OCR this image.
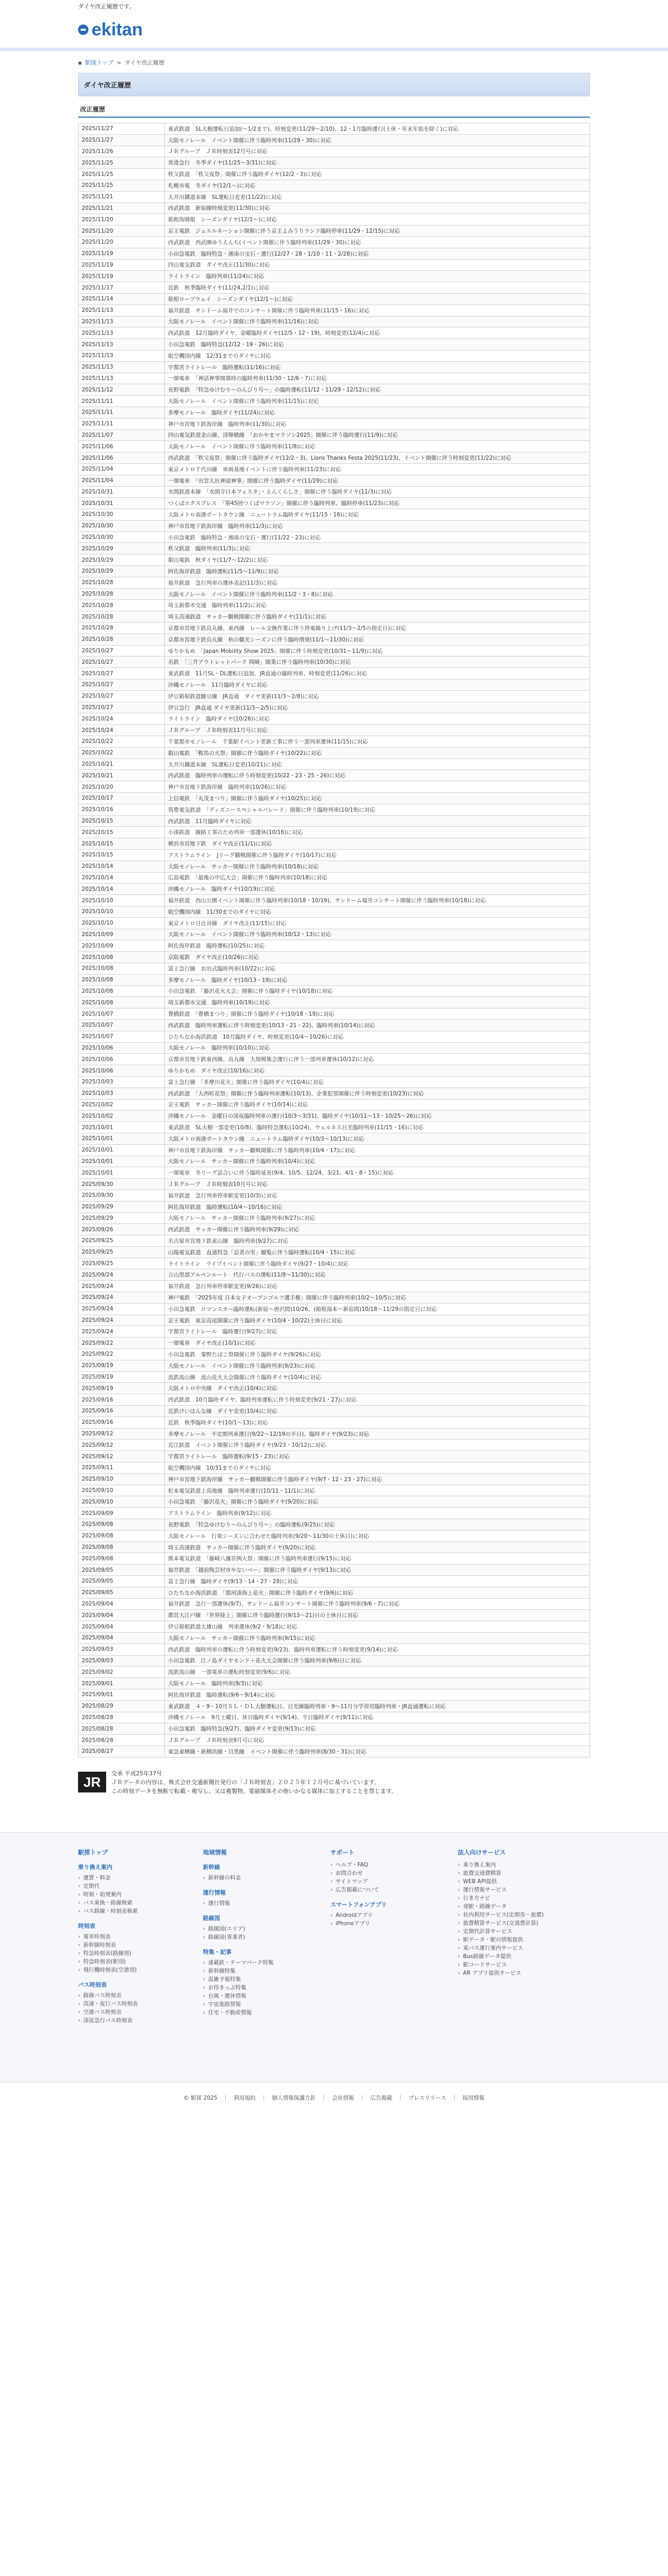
ダイヤ改正履歴です。
ekitan
▪ 駅探トップ > ダイヤ改正履歴
ダイヤ改正履歴
改正履歴
2025/11/27	東武鉄道　SL大樹運転日追加(～1/2まで)、時刻変更(11/29～2/10)、12・1月臨時運行(土休・年末年始を除く)に対応
2025/11/27	大阪モノレール　イベント開催に伴う臨時列車(11/29・30)に対応
2025/11/26	ＪＲグループ　ＪＲ時刻表12月号に対応
2025/11/25	常滑急行　冬季ダイヤ(11/25～3/31)に対応
2025/11/25	秩父鉄道　「秩父夜祭」開催に伴う臨時ダイヤ(12/2・3)に対応
2025/11/25	札幌市電　冬ダイヤ(12/1～)に対応
2025/11/21	大井川鐵道本線　SL運転日変更(11/22)に対応
2025/11/21	西武鉄道　新宿線時刻変更(11/30)に対応
2025/11/20	箱根海賊船　シーズンダイヤ(12/1～)に対応
2025/11/20	京王電鉄　ジェエルネーション開催に伴う京王よみうりランド臨時停車(11/29・12/15)に対応
2025/11/20	西武鉄道　西武園ゆうえんち(イベント開催に伴う臨時列車(11/29・30)に対応
2025/11/19	小田急電鉄　臨時特急・湘南の宝石・運行(12/27・28・1/10・11・2/28)に対応
2025/11/19	四山電気鉄道　ダイヤ改正(11/30)に対応
2025/11/19	ライトライン　臨時列車(11/24)に対応
2025/11/17	近鉄　秋季臨時ダイヤ(11/24,2/1)に対応
2025/11/14	箱根ロープウェイ　シーズンダイヤ(12/1～)に対応
2025/11/13	福井鉄道　サンドーム福井でのコンサート開催に伴う臨時列車(11/15・16)に対応
2025/11/13	大阪モノレール　イベント開催に伴う臨時列車(11/16)に対応
2025/11/13	西武鉄道　12月臨時ダイヤ、金曜臨時ダイヤ(12/5・12・19)、時刻変更(12/4)に対応
2025/11/13	小田急電鉄　臨時特急(12/12・19・26)に対応
2025/11/13	航空機国内線　12/31までのダイヤに対応
2025/11/13	宇都宮ライトレール　臨時運転(11/16)に対応
2025/11/13	一畑電車　「神話神事開幕時の臨時列車(11/30・12/6・7)に対応
2025/11/12	長野電鉄　「特急ゆけむり～のんびり号～」の臨時運転(11/12・11/29・12/12)に対応
2025/11/11	大阪モノレール　イベント開催に伴う臨時列車(11/15)に対応
2025/11/11	多摩モノレール　臨時ダイヤ(11/24)に対応
2025/11/11	神戸市営地下鉄海岸線　臨時列車(11/30)に対応
2025/11/07	四山電気鉄道金山線、清輝橋線　「おかやまマラソン2025」開催に伴う臨時運行(11/9)に対応
2025/11/06	大阪モノレール　イベント開催に伴う臨時列車(11/8)に対応
2025/11/06	西武鉄道　「秩父夜祭」開催に伴う臨時ダイヤ(12/2・3)、Lions Thanks Festa 2025(11/23)、イベント開催に伴う時刻変更(11/22)に対応
2025/11/04	東京メトロ千代田線　車両基地イベントに伴う臨時列車(11/23)に対応
2025/11/04	一畑電車　「出雲大社神迎神事」開催に伴う臨時ダイヤ(11/29)に対応
2025/10/31	水間鉄道本線　「水間寺日本フェスタ」・えんくらしさ」開催に伴う臨時ダイヤ(11/3)に対応
2025/10/31	つくばエクスプレス　「第45回つくばマラソン」開催に伴う臨時列車、臨時停車(11/23)に対応
2025/10/30	大阪メトロ南港ポートタウン線　ニュートラム臨時ダイヤ(11/15・16)に対応
2025/10/30	神戸市営地下鉄海岸線　臨時列車(11/3)に対応
2025/10/30	小田急電鉄　臨時特急・湘南の宝石・運行(11/22・23)に対応
2025/10/29	秩父鉄道　臨時列車(11/3)に対応
2025/10/29	叡山電鉄　秋ダイヤ(11/7～12/2)に対応
2025/10/29	阿佐海岸鉄道　臨時運転(11/5～11/9)に対応
2025/10/28	福井鉄道　急行列車の運休表記(11/3)に対応
2025/10/28	大阪モノレール　イベント開催に伴う臨時列車(11/2・3・8)に対応
2025/10/28	埼玉新都市交通　臨時列車(11/2)に対応
2025/10/28	埼玉高速鉄道　サッカー観戦開催に伴う臨時ダイヤ(11/1)に対応
2025/10/28	京都市営地下鉄烏丸線、東西線　レール交換作業に伴う終電繰り上げ(11/3～2/5の指定日)に対応
2025/10/28	京都市営地下鉄烏丸線　秋の観光シーズンに伴う臨時増発(11/1～11/30)に対応
2025/10/27	ゆりかもめ　「Japan Mobility Show 2025」開催に伴う時刻変更(10/31～11/9)に対応
2025/10/27	名鉄　「三井アウトレットパーク 岡崎」開業に伴う臨時列車(10/30)に対応
2025/10/27	東武鉄道　11月SL・DL運転日追加、JR直通の臨時列車、時刻変更(11/26)に対応
2025/10/27	沖縄モノレール　11月臨時ダイヤに対応
2025/10/27	伊豆箱根鉄道駿豆線　JR直通　ダイヤ更新(11/3～2/8)に対応
2025/10/27	伊豆急行　JR直通 ダイヤ更新(11/3～2/5)に対応
2025/10/24	ライトライン　臨時ダイヤ(10/26)に対応
2025/10/24	ＪＲグループ　ＪＲ時刻表11月号に対応
2025/10/22	千葉都市モノレール　千葉駅イベント更新工事に伴う一部列車運休(11/15)に対応
2025/10/22	叡山電鉄　「鞍馬の火祭」開催に伴う臨時ダイヤ(10/22)に対応
2025/10/21	大井川鐵道本線　SL運転日変更(10/21)に対応
2025/10/21	西武鉄道　臨時列車の運転に伴う時刻変更(10/22・23・25・26)に対応
2025/10/20	神戸市営地下鉄海岸線　臨時列車(10/26)に対応
2025/10/17	上信電鉄　「丸茂まつり」開催に伴う臨時ダイヤ(10/25)に対応
2025/10/16	筑豊電気鉄道　「ディズニースペシャルパレード」開催に伴う臨時列車(10/19)に対応
2025/10/15	西武鉄道　11月臨時ダイヤに対応
2025/10/15	小湊鉄道　線路工事のため列車一部運休(10/16)に対応
2025/10/15	横浜市営地下鉄　ダイヤ改正(11/1)に対応
2025/10/15	アストラムライン　Jリーグ観戦開催に伴う臨時ダイヤ(10/17)に対応
2025/10/14	大阪モノレール　サッカー開催に伴う臨時列車(10/18)に対応
2025/10/14	広島電鉄　「最後の中広大会」開催に伴う臨時列車(10/18)に対応
2025/10/14	沖縄モノレール　臨時ダイヤ(10/19)に対応
2025/10/10	福井鉄道　西山公園イベント開催に伴う臨時列車(10/18・10/19)、サンドーム福井コンサート開催に伴う臨時列車(10/18)に対応
2025/10/10	航空機国内線　11/30までのダイヤに対応
2025/10/10	東京メトロ日比谷線　ダイヤ改正(11/15)に対応
2025/10/09	大阪モノレール　イベント開催に伴う臨時列車(10/12・13)に対応
2025/10/09	阿佐海岸鉄道　臨時運転(10/25)に対応
2025/10/08	京阪電鉄　ダイヤ改正(10/26)に対応
2025/10/08	富士急行線　お出式臨時列車(10/22)に対応
2025/10/08	多摩モノレール　臨時ダイヤ(10/13・19)に対応
2025/10/08	小田急電鉄　「藤沢花火大会」開催に伴う臨時ダイヤ(10/18)に対応
2025/10/08	埼玉新都市交通　臨時列車(10/19)に対応
2025/10/07	豊橋鉄道　「豊橋まつり」開催に伴う臨時ダイヤ(10/18・19)に対応
2025/10/07	西武鉄道　臨時列車運転に伴う時刻変更(10/13・21・22)、臨時列車(10/14)に対応
2025/10/07	ひたちなか海浜鉄道　10月臨時ダイヤ、時刻変更(10/4～10/26)に対応
2025/10/06	大阪モノレール　臨時列車(10/10)に対応
2025/10/06	京都市営地下鉄東西線、烏丸線　大規模集会運行に伴う一部列車運休(10/12)に対応
2025/10/06	ゆりかもめ　ダイヤ改正(10/16)に対応
2025/10/03	富士急行線　「多摩川花火」開催に伴う臨時ダイヤ(10/4)に対応
2025/10/03	西武鉄道　「大西町花祭」開催に伴う臨時列車運転(10/13)、企業犯罪開催に伴う時刻変更(10/23)に対応
2025/10/02	京王電鉄　サッカー開催に伴う臨時ダイヤ(10/14)に対応
2025/10/02	沖縄モノレール　金曜日の深夜臨時列車の運行(10/3～3/31)、臨時ダイヤ(10/11～13・10/25～26)に対応
2025/10/01	東武鉄道　SL大樹一部変更(10/8)、臨時特急運転(10/24)、ウェルネス日光臨時列車(11/15・16)に対応
2025/10/01	大阪メトロ南港ポートタウン線　ニュートラム臨時ダイヤ(10/3～10/13)に対応
2025/10/01	神戸市営地下鉄海岸線　サッカー観戦開催に伴う臨時列車(10/4・17)に対応
2025/10/01	大阪モノレール　サッカー開催に伴う臨時列車(10/4)に対応
2025/10/01	一畑電車　冬リーグ話合いに伴う臨時延長(9/4、10/5、12/24、3/21、4/1・8・15)に対応
2025/09/30	ＪＲグループ　ＪＲ時刻表10月号に対応
2025/09/30	福井鉄道　急行列車停車駅変更(10/3)に対応
2025/09/29	阿佐海岸鉄道　臨時運転(10/4～10/16)に対応
2025/09/29	大阪モノレール　サッカー開催に伴う臨時列車(9/27)に対応
2025/09/26	西武鉄道　サッカー開催に伴う臨時列車(9/29)に対応
2025/09/25	名古屋市営地下鉄東山線　臨時列車(9/27)に対応
2025/09/25	山陽電気鉄道　直通特急「忍者の里」観覧に伴う臨時運転(10/4・15)に対応
2025/09/25	ライトライン　ライブイベント開催に伴う臨時ダイヤ(9/27・10/4)に対応
2025/09/24	立山黒部アルペンルート　代行バスの運転(11/8～11/30)に対応
2025/09/24	福井鉄道　急行列車停車駅変更(9/26)に対応
2025/09/24	神戸電鉄　「2025年度 日本女子オープンゴルフ選手権」開催に伴う臨時列車(10/2～10/5)に対応
2025/09/24	小田急電鉄　ロマンスカー臨時運転(新宿～唐沢間)10/26、(箱根湯本～新宿間)10/18～11/29の指定日に対応
2025/09/24	京王電鉄　東京高尾開催に伴う臨時ダイヤ(10/4・10/22)土休日に対応
2025/09/24	宇都宮ライトレール　臨時運行(9/27)に対応
2025/09/22	一畑電車　ダイヤ改正(10/1)に対応
2025/09/22	小田急電鉄　秦野たばこ祭開催に伴う臨時ダイヤ(9/26)に対応
2025/09/19	大阪モノレール　イベント開催に伴う臨時列車(9/23)に対応
2025/09/19	流鉄流山線　流山花火大会開催に伴う臨時ダイヤ(10/4)に対応
2025/09/19	大阪メトロ中央線　ダイヤ改正(10/4)に対応
2025/09/16	西武鉄道　10月臨時ダイヤ、臨時列車運転に伴う時刻変更(9/21・27)に対応
2025/09/16	近鉄けいはんな線　ダイヤ変更(10/4)に対応
2025/09/16	近鉄　秋季臨時ダイヤ(10/1～13)に対応
2025/09/12	多摩モノレール　不定期列車運行(9/22～12/19の平日)、臨時ダイヤ(9/23)に対応
2025/09/12	近江鉄道　イベント開催に伴う臨時ダイヤ(9/23・10/12)に対応
2025/09/12	宇都宮ライトレール　臨時運転(9/15・23)に対応
2025/09/11	航空機国内線　10/31までのダイヤに対応
2025/09/10	神戸市営地下鉄海岸線　サッカー観戦開催に伴う臨時ダイヤ(9/7・12・23・27)に対応
2025/09/10	松本電気鉄道上高地線　臨時列車運行(10/11・11/1)に対応
2025/09/10	小田急電鉄　「藤沢花火」開催に伴う臨時ダイヤ(9/20)に対応
2025/09/09	アストラムライン　臨時列車(9/12)に対応
2025/09/08	長野電鉄　「特急ゆけむり～のんびり号～」の臨時運転(9/25)に対応
2025/09/08	大阪モノレール　行楽シーズンに合わせた臨時列車(9/20～11/30の土休日)に対応
2025/09/08	埼玉高速鉄道　サッカー開催に伴う臨時ダイヤ(9/20)に対応
2025/09/08	熊本電気鉄道　「藤崎八旛宮例大祭」開催に伴う臨時列車運行(9/15)に対応
2025/09/05	福井鉄道　「越前陶芸村市やないベー」開催に伴う臨時ダイヤ(9/13)に対応
2025/09/05	富士急行線　臨時ダイヤ(9/13・14・27・28)に対応
2025/09/05	ひたちなか海浜鉄道　「那珂湊海上花火」開催に伴う臨時ダイヤ(9/6)に対応
2025/09/04	福井鉄道　急行一部運休(9/7)、サンドーム福井コンサート開催に伴う臨時列車(9/6・7)に対応
2025/09/04	都営大江戸線　「世界陸上」開催に伴う臨時運行(9/13～21)日の土休日に対応
2025/09/04	伊豆箱根鉄道大雄山線　列車運休(9/2・9/18)に対応
2025/09/04	大阪モノレール　サッカー開催に伴う臨時列車(9/15)に対応
2025/09/03	西武鉄道　臨時列車の運転に伴う時刻変更(9/23)、臨時列車運転に伴う時刻変更(9/14)に対応
2025/09/03	小田急電鉄　江ノ島ダイヤモンド＋花火大会開催に伴う臨時列車(9/6)日に対応
2025/09/02	流鉄流山線　一部電車の運転時刻変更(9/6)に対応
2025/09/01	大阪モノレール　臨時列車(9/3)に対応
2025/09/01	阿佐海岸鉄道　臨時運転(9/6～9/14)に対応
2025/08/29	東武鉄道　４・9・10月ＳＬ・ＤＬ大樹運転日、日光線臨時列車・9～11月分学習用臨時列車・JR直通運転に対応
2025/08/28	沖縄モノレール　9月土曜日、休日臨時ダイヤ(9/14)、平日臨時ダイヤ(9/11)に対応
2025/08/28	小田急電鉄　臨時特急(9/27)、臨時ダイヤ変更(9/13)に対応
2025/08/28	ＪＲグループ　ＪＲ時刻表9月号に対応
2025/08/27	東急東横線・新横浜線・目黒線　イベント開催に伴う臨時列車(8/30・31)に対応
JR
交承 平成25年37号
ＪＲデータの内容は、株式会社交通新聞社発行の「ＪＲ時刻表」２０２５年１２月号に基づいています。
この時刻データを無断で転載・複写し、又は複製物、電磁媒体その他いかなる媒体に加工することを禁じます。
駅探トップ
乗り換え案内
› 運賃・料金
› 定期代
› 時刻・始発案内
› バス乗換・路線検索
› バス路線・時刻表検索
時刻表
› 電車時刻表
› 新幹線時刻表
› 特急時刻表(路線別)
› 特急時刻表(駅別)
› 飛行機時刻表(空港別)
バス時刻表
› 路線バス時刻表
› 高速・夜行バス時刻表
› 空港バス時刻表
› 深夜急行バス時刻表
地域情報
新幹線
› 新幹線の料金
運行情報
› 運行情報
路線図
› 路線図(エリア)
› 路線図(事業者)
特集・記事
› 連載鉄・テーマパーク特集
› 新幹線特集
› 混雑予報特集
› お得きっぷ特集
› 台風・運休情報
› 宇宙進路情報
› 住宅・不動産情報
サポート
› ヘルプ・FAQ
› お問合わせ
› サイトマップ
› 広告掲載について
スマートフォンアプリ
› Androidアプリ
› iPhoneアプリ
法人向けサービス
› 乗り換え案内
› 旅費交通費精算
› WEB API提供
› 運行情報サービス
› 行き方ナビ
› 発駅・路線データ
› 社内利用サービス(定期券・旅費)
› 旅費精算サービス(交通費計算)
› 定期代計算サービス
› 駅データ・駅の情報提供
› 東バス運行案内サービス
› Bus路線データ提供
› 駅コードサービス
› AR アプリ提供サービス
© 駅探 2025 | 利用規約 | 個人情報保護方針 | 会社情報 | 広告掲載 | プレスリリース | 採用情報
